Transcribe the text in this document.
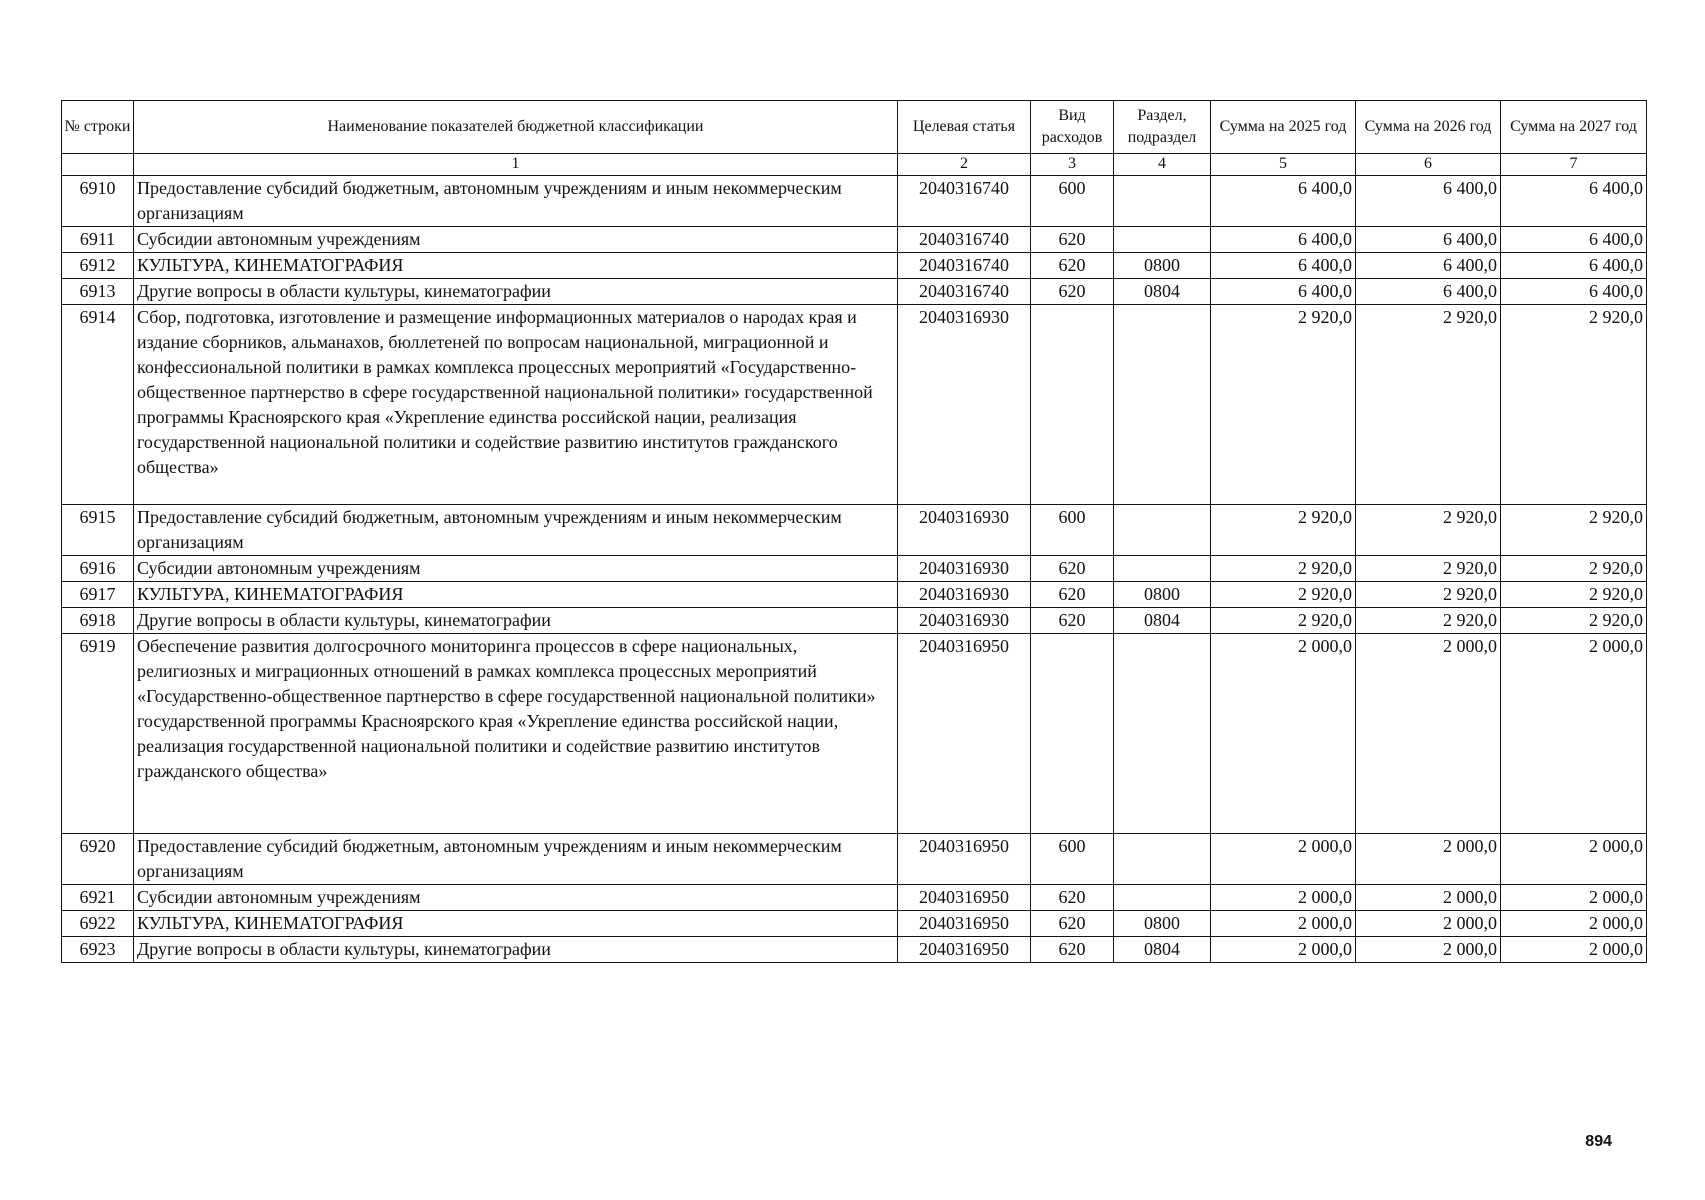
№ строки	Наименование показателей бюджетной классификации	Целевая статья	Вид расходов	Раздел, подраздел	Сумма на 2025 год	Сумма на 2026 год	Сумма на 2027 год
	1	2	3	4	5	6	7
6910	Предоставление субсидий бюджетным, автономным учреждениям и иным некоммерческим организациям	2040316740	600		6 400,0	6 400,0	6 400,0
6911	Субсидии автономным учреждениям	2040316740	620		6 400,0	6 400,0	6 400,0
6912	КУЛЬТУРА, КИНЕМАТОГРАФИЯ	2040316740	620	0800	6 400,0	6 400,0	6 400,0
6913	Другие вопросы в области культуры, кинематографии	2040316740	620	0804	6 400,0	6 400,0	6 400,0
6914	Сбор, подготовка, изготовление и размещение информационных материалов о народах края и издание сборников, альманахов, бюллетеней по вопросам национальной, миграционной и конфессиональной политики в рамках комплекса процессных мероприятий «Государственно-общественное партнерство в сфере государственной национальной политики» государственной программы Красноярского края «Укрепление единства российской нации, реализация государственной национальной политики и содействие развитию институтов гражданского общества»	2040316930			2 920,0	2 920,0	2 920,0
6915	Предоставление субсидий бюджетным, автономным учреждениям и иным некоммерческим организациям	2040316930	600		2 920,0	2 920,0	2 920,0
6916	Субсидии автономным учреждениям	2040316930	620		2 920,0	2 920,0	2 920,0
6917	КУЛЬТУРА, КИНЕМАТОГРАФИЯ	2040316930	620	0800	2 920,0	2 920,0	2 920,0
6918	Другие вопросы в области культуры, кинематографии	2040316930	620	0804	2 920,0	2 920,0	2 920,0
6919	Обеспечение развития долгосрочного мониторинга процессов в сфере национальных, религиозных и миграционных отношений в рамках комплекса процессных мероприятий «Государственно-общественное партнерство в сфере государственной национальной политики» государственной программы Красноярского края «Укрепление единства российской нации, реализация государственной национальной политики и содействие развитию институтов гражданского общества»	2040316950			2 000,0	2 000,0	2 000,0
6920	Предоставление субсидий бюджетным, автономным учреждениям и иным некоммерческим организациям	2040316950	600		2 000,0	2 000,0	2 000,0
6921	Субсидии автономным учреждениям	2040316950	620		2 000,0	2 000,0	2 000,0
6922	КУЛЬТУРА, КИНЕМАТОГРАФИЯ	2040316950	620	0800	2 000,0	2 000,0	2 000,0
6923	Другие вопросы в области культуры, кинематографии	2040316950	620	0804	2 000,0	2 000,0	2 000,0
894
